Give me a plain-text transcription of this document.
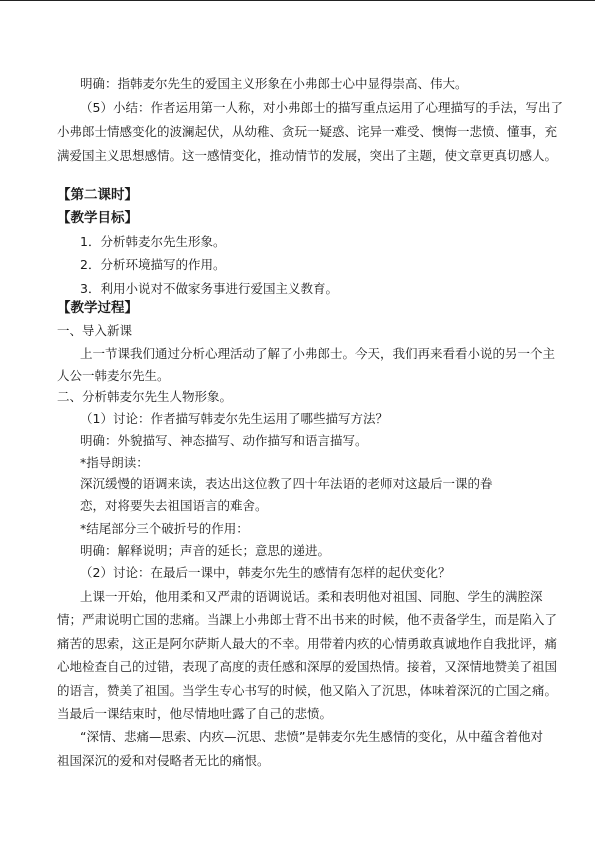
明确：指韩麦尔先生的爱国主义形象在小弗郎士心中显得崇高、伟大。
（5）小结：作者运用第一人称，对小弗郎士的描写重点运用了心理描写的手法，写出了
小弗郎士情感变化的波澜起伏，从幼稚、贪玩一疑惑、诧异一难受、懊悔一悲愤、懂事，充
满爱国主义思想感情。这一感情变化，推动情节的发展，突出了主题，使文章更真切感人。
【第二课时】
【教学目标】
1．分析韩麦尔先生形象。
2．分析环境描写的作用。
3．利用小说对不做家务事进行爱国主义教育。
【教学过程】
一、导入新课
上一节课我们通过分析心理活动了解了小弗郎士。今天，我们再来看看小说的另一个主
人公一韩麦尔先生。
二、分析韩麦尔先生人物形象。
（1）讨论：作者描写韩麦尔先生运用了哪些描写方法？
明确：外貌描写、神态描写、动作描写和语言描写。
*指导朗读：
深沉缓慢的语调来读，表达出这位教了四十年法语的老师对这最后一课的眷
恋，对将要失去祖国语言的难舍。
*结尾部分三个破折号的作用：
明确：解释说明；声音的延长；意思的递进。
（2）讨论：在最后一课中，韩麦尔先生的感情有怎样的起伏变化？
上课一开始，他用柔和又严肃的语调说话。柔和表明他对祖国、同胞、学生的满腔深
情；严肃说明亡国的悲痛。当課上小弗郎士背不出书来的时候，他不责备学生，而是陷入了
痛苦的思索，这正是阿尔萨斯人最大的不幸。用带着内疚的心情勇敢真诚地作自我批评，痛
心地检查自己的过错，表现了高度的责任感和深厚的爱国热情。接着，又深情地赞美了祖国
的语言，赞美了祖国。当学生专心书写的时候，他又陷入了沉思，体味着深沉的亡国之痛。
当最后一课结束时，他尽情地吐露了自己的悲愤。
“深情、悲痛—思索、内疚—沉思、悲愤”是韩麦尔先生感情的变化，从中蕴含着他对
祖国深沉的爱和对侵略者无比的痛恨。
